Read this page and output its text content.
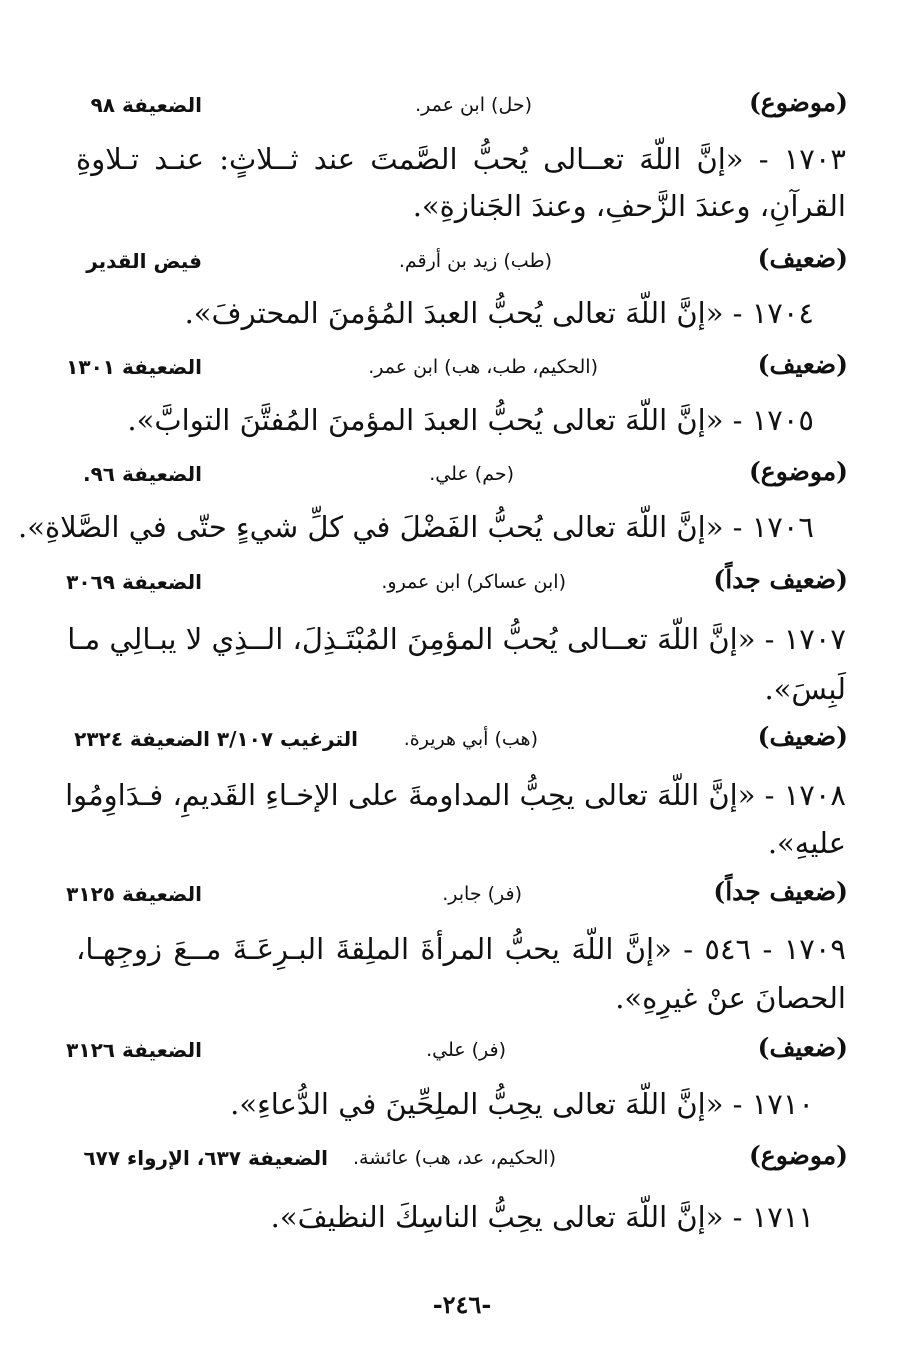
(موضوع)
(حل) ابن عمر.
الضعيفة ٩٨
١٧٠٣ - «إنَّ اللّهَ تعــالى يُحبُّ الصَّمتَ عند ثــلاثٍ: عنـد تـلاوةِ
القرآنِ، وعندَ الزَّحفِ، وعندَ الجَنازةِ».
(ضعيف)
(طب) زيد بن أرقم.
فيض القدير
١٧٠٤ - «إنَّ اللّهَ تعالى يُحبُّ العبدَ المُؤمنَ المحترفَ».
(ضعيف)
(الحكيم، طب، هب) ابن عمر.
الضعيفة ١٣٠١
١٧٠٥ - «إنَّ اللّهَ تعالى يُحبُّ العبدَ المؤمنَ المُفتَّنَ التوابَّ».
(موضوع)
(حم) علي.
الضعيفة ٩٦.
١٧٠٦ - «إنَّ اللّهَ تعالى يُحبُّ الفَضْلَ في كلِّ شيءٍ حتّى في الصَّلاةِ».
(ضعيف جداً)
(ابن عساكر) ابن عمرو.
الضعيفة ٣٠٦٩
١٧٠٧ - «إنَّ اللّهَ تعــالى يُحبُّ المؤمِنَ المُبْتَـذِلَ، الــذِي لا يبـالِي مـا
لَبِسَ».
(ضعيف)
(هب) أبي هريرة.
الترغيب ٣/١٠٧ الضعيفة ٢٣٢٤
١٧٠٨ - «إنَّ اللّهَ تعالى يحِبُّ المداومةَ على الإخـاءِ القَديمِ، فـدَاوِمُوا
عليهِ».
(ضعيف جداً)
(فر) جابر.
الضعيفة ٣١٢٥
١٧٠٩ - ٥٤٦ - «إنَّ اللّهَ يحبُّ المرأةَ الملِقةَ البـرِعَـةَ مــعَ زوجِهـا،
الحصانَ عنْ غيرِهِ».
(ضعيف)
(فر) علي.
الضعيفة ٣١٢٦
١٧١٠ - «إنَّ اللّهَ تعالى يحِبُّ الملِحِّينَ في الدُّعاءِ».
(موضوع)
(الحكيم، عد، هب) عائشة.
الضعيفة ٦٣٧، الإرواء ٦٧٧
١٧١١ - «إنَّ اللّهَ تعالى يحِبُّ الناسِكَ النظيفَ».
-٢٤٦-
